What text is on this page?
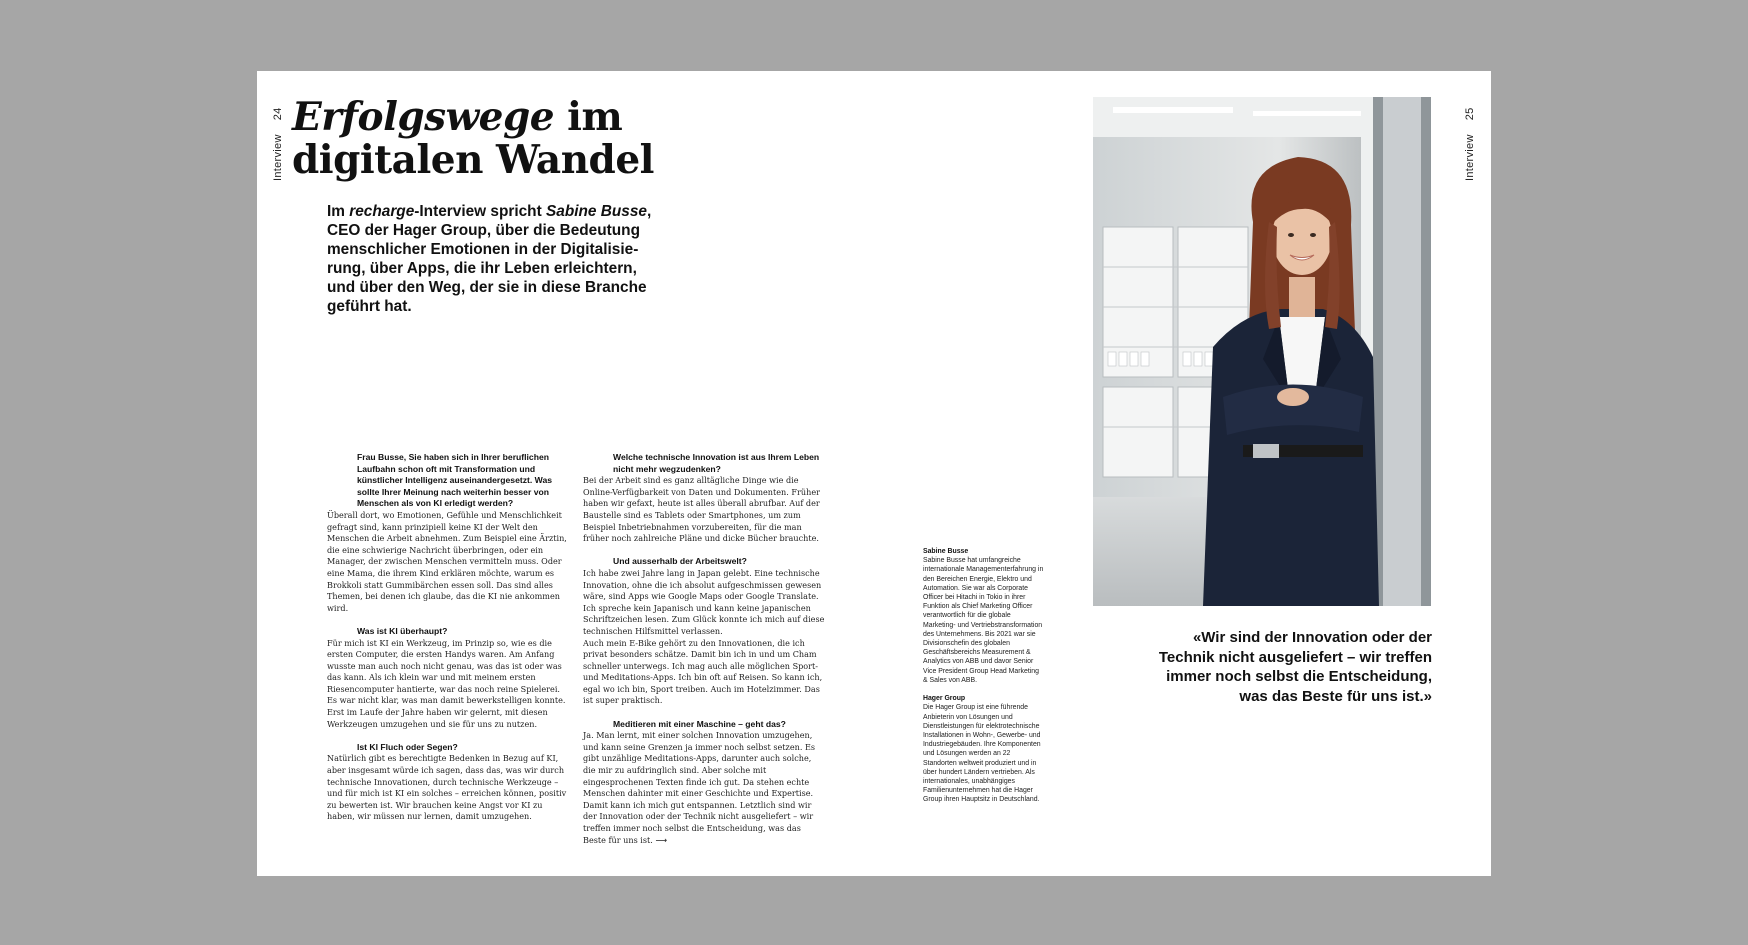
Interview24 Erfolgswege im
digitalen Wandel

Im recharge-Interview spricht Sabine Busse, CEO der Hager Group, über die Bedeutung menschlicher Emotionen in der Digitalisierung, über Apps, die ihr Leben erleichtern, und über den Weg, der sie in diese Branche geführt hat.

Frau Busse, Sie haben sich in Ihrer beruflichen Laufbahn schon oft mit Transformation und künstlicher Intelligenz auseinandergesetzt. Was sollte Ihrer Meinung nach weiterhin besser von Menschen als von KI erledigt werden?

Überall dort, wo Emotionen, Gefühle und Menschlichkeit gefragt sind, kann prinzipiell keine KI der Welt den Menschen die Arbeit abnehmen. Zum Beispiel eine Ärztin, die eine schwierige Nachricht überbringen, oder ein Manager, der zwischen Menschen vermitteln muss. Oder eine Mama, die ihrem Kind erklären möchte, warum es Brokkoli statt Gummibärchen essen soll. Das sind alles Themen, bei denen ich glaube, das die KI nie ankommen wird.

Was ist KI überhaupt?

Für mich ist KI ein Werkzeug, im Prinzip so, wie es die ersten Computer, die ersten Handys waren. Am Anfang wusste man auch noch nicht genau, was das ist oder was das kann. Als ich klein war und mit meinem ersten Riesencomputer hantierte, war das noch reine Spielerei. Es war nicht klar, was man damit bewerkstelligen konnte. Erst im Laufe der Jahre haben wir gelernt, mit diesen Werkzeugen umzugehen und sie für uns zu nutzen.

Ist KI Fluch oder Segen?

Natürlich gibt es berechtigte Bedenken in Bezug auf KI, aber insgesamt würde ich sagen, dass das, was wir durch technische Innovationen, durch technische Werkzeuge – und für mich ist KI ein solches – erreichen können, positiv zu bewerten ist. Wir brauchen keine Angst vor KI zu haben, wir müssen nur lernen, damit umzugehen.

Welche technische Innovation ist aus Ihrem Leben nicht mehr wegzudenken?

Bei der Arbeit sind es ganz alltägliche Dinge wie die Online-Verfügbarkeit von Daten und Dokumenten. Früher haben wir gefaxt, heute ist alles überall abrufbar. Auf der Baustelle sind es Tablets oder Smartphones, um zum Beispiel Inbetriebnahmen vorzubereiten, für die man früher noch zahlreiche Pläne und dicke Bücher brauchte.

Und ausserhalb der Arbeitswelt?

Ich habe zwei Jahre lang in Japan gelebt. Eine technische Innovation, ohne die ich absolut aufgeschmissen gewesen wäre, sind Apps wie Google Maps oder Google Translate. Ich spreche kein Japanisch und kann keine japanischen Schriftzeichen lesen. Zum Glück konnte ich mich auf diese technischen Hilfsmittel verlassen.

Auch mein E-Bike gehört zu den Innovationen, die ich privat besonders schätze. Damit bin ich in und um Cham schneller unterwegs. Ich mag auch alle möglichen Sport- und Meditations-Apps. Ich bin oft auf Reisen. So kann ich, egal wo ich bin, Sport treiben. Auch im Hotelzimmer. Das ist super praktisch.

Meditieren mit einer Maschine – geht das?

Ja. Man lernt, mit einer solchen Innovation umzugehen, und kann seine Grenzen ja immer noch selbst setzen. Es gibt unzählige Meditations-Apps, darunter auch solche, die mir zu aufdringlich sind. Aber solche mit eingesprochenen Texten finde ich gut. Da stehen echte Menschen dahinter mit einer Geschichte und Expertise. Damit kann ich mich gut entspannen. Letztlich sind wir der Innovation oder der Technik nicht ausgeliefert – wir treffen immer noch selbst die Entscheidung, was das Beste für uns ist. ⟶

Sabine Busse

Sabine Busse hat umfangreiche internationale Managementerfahrung in den Bereichen Energie, Elektro und Automation. Sie war als Corporate Officer bei Hitachi in Tokio in ihrer Funktion als Chief Marketing Officer verantwortlich für die globale Marketing- und Vertriebstransformation des Unternehmens. Bis 2021 war sie Divisionschefin des globalen Geschäftsbereichs Measurement & Analytics von ABB und davor Senior Vice President Group Head Marketing & Sales von ABB.

Hager Group

Die Hager Group ist eine führende Anbieterin von Lösungen und Dienstleistungen für elektrotechnische Installationen in Wohn-, Gewerbe- und Industriegebäuden. Ihre Komponenten und Lösungen werden an 22 Standorten weltweit produziert und in über hundert Ländern vertrieben. Als internationales, unabhängiges Familienunternehmen hat die Hager Group ihren Hauptsitz in Deutschland.

Interview25

«Wir sind der Innovation oder der Technik nicht ausgeliefert – wir treffen immer noch selbst die Entscheidung, was das Beste für uns ist.»
